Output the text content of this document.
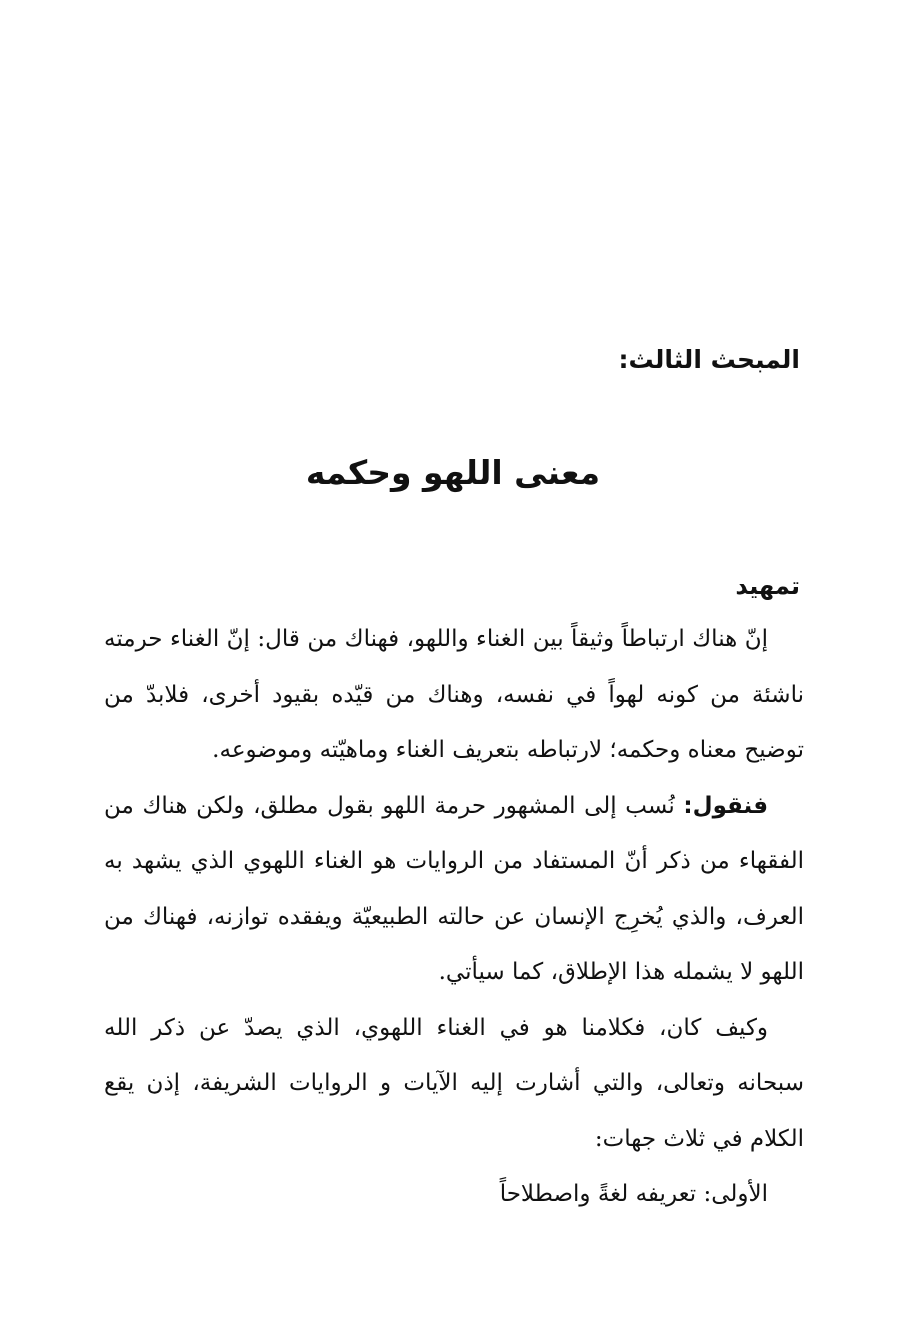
المبحث الثالث:
معنى اللهو وحكمه
تمهيد

إنّ هناك ارتباطاً وثيقاً بين الغناء واللهو، فهناك من قال: إنّ الغناء حرمته ناشئة من كونه لهواً في نفسه، وهناك من قيّده بقيود أخرى، فلابدّ من توضيح معناه وحكمه؛ لارتباطه بتعريف الغناء وماهيّته وموضوعه.

فنقول: نُسب إلى المشهور حرمة اللهو بقول مطلق، ولكن هناك من الفقهاء من ذكر أنّ المستفاد من الروايات هو الغناء اللهوي الذي يشهد به العرف، والذي يُخرِج الإنسان عن حالته الطبيعيّة ويفقده توازنه، فهناك من اللهو لا يشمله هذا الإطلاق، كما سيأتي.

وكيف كان، فكلامنا هو في الغناء اللهوي، الذي يصدّ عن ذكر الله سبحانه وتعالى، والتي أشارت إليه الآيات و الروايات الشريفة، إذن يقع الكلام في ثلاث جهات:

الأولى: تعريفه لغةً واصطلاحاً
